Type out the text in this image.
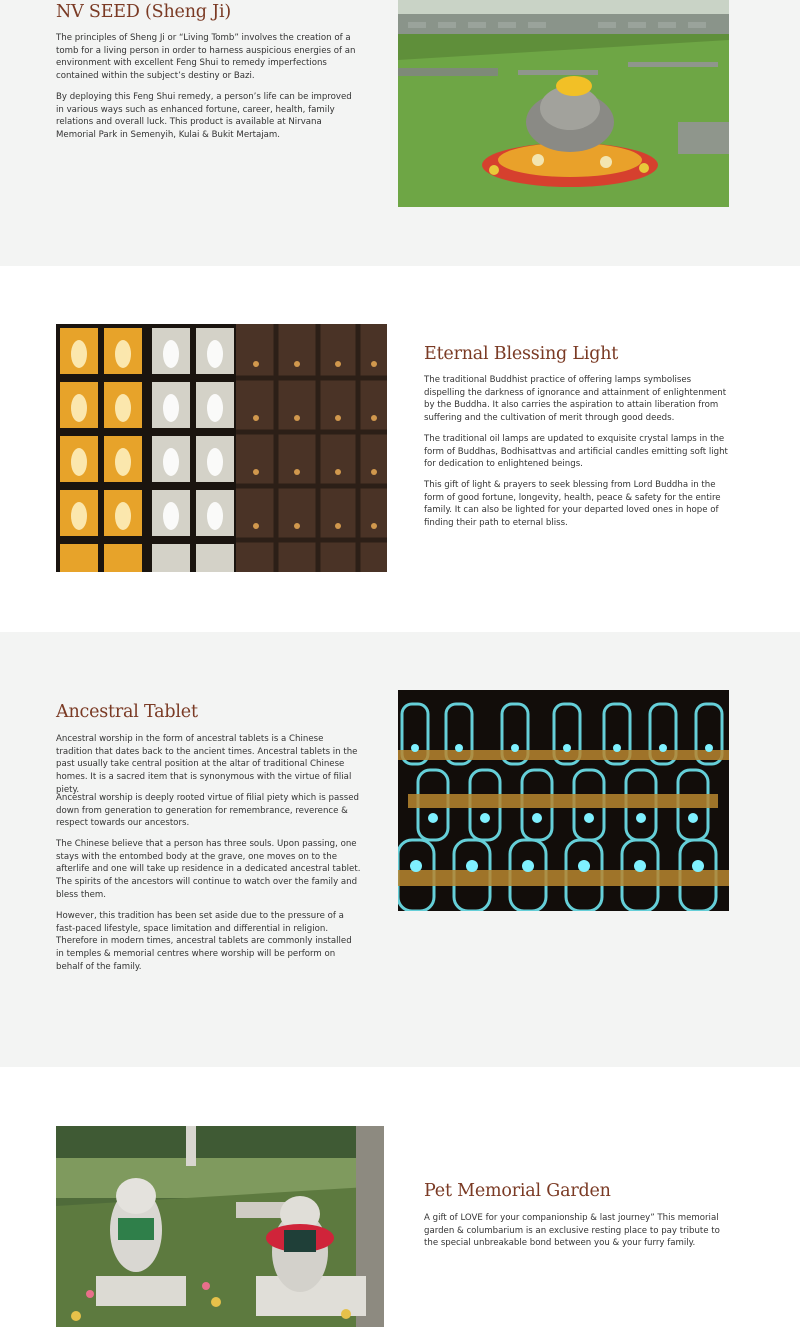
NV SEED (Sheng Ji)

The principles of Sheng Ji or “Living Tomb” involves the creation of a tomb for a living person in order to harness auspicious energies of an environment with excellent Feng Shui to remedy imperfections contained within the subject’s destiny or Bazi.

By deploying this Feng Shui remedy, a person’s life can be improved in various ways such as enhanced fortune, career, health, family relations and overall luck. This product is available at Nirvana Memorial Park in Semenyih, Kulai & Bukit Mertajam.

Eternal Blessing Light

The traditional Buddhist practice of offering lamps symbolises dispelling the darkness of ignorance and attainment of enlightenment by the Buddha. It also carries the aspiration to attain liberation from suffering and the cultivation of merit through good deeds.

The traditional oil lamps are updated to exquisite crystal lamps in the form of Buddhas, Bodhisattvas and artificial candles emitting soft light for dedication to enlightened beings.

This gift of light & prayers to seek blessing from Lord Buddha in the form of good fortune, longevity, health, peace & safety for the entire family. It can also be lighted for your departed loved ones in hope of finding their path to eternal bliss.

Ancestral Tablet

Ancestral worship in the form of ancestral tablets is a Chinese tradition that dates back to the ancient times. Ancestral tablets in the past usually take central position at the altar of traditional Chinese homes. It is a sacred item that is synonymous with the virtue of filial piety.

Ancestral worship is deeply rooted virtue of filial piety which is passed down from generation to generation for remembrance, reverence & respect towards our ancestors.

The Chinese believe that a person has three souls. Upon passing, one stays with the entombed body at the grave, one moves on to the afterlife and one will take up residence in a dedicated ancestral tablet. The spirits of the ancestors will continue to watch over the family and bless them.

However, this tradition has been set aside due to the pressure of a fast-paced lifestyle, space limitation and differential in religion. Therefore in modern times, ancestral tablets are commonly installed in temples & memorial centres where worship will be perform on behalf of the family.

Pet Memorial Garden

A gift of LOVE for your companionship & last journey” This memorial garden & columbarium is an exclusive resting place to pay tribute to the special unbreakable bond between you & your furry family.
